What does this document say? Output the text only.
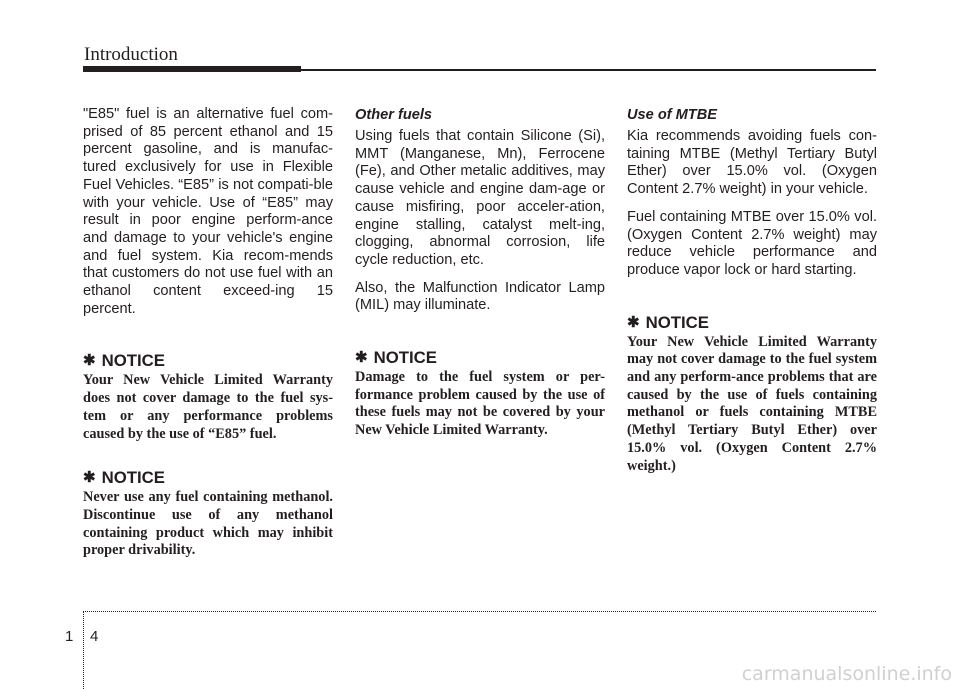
Introduction

"E85" fuel is an alternative fuel com-prised of 85 percent ethanol and 15 percent gasoline, and is manufac-tured exclusively for use in Flexible Fuel Vehicles. “E85” is not compati-ble with your vehicle. Use of “E85” may result in poor engine perform-ance and damage to your vehicle's engine and fuel system. Kia recom-mends that customers do not use fuel with an ethanol content exceed-ing 15 percent.

✱ NOTICE

Your New Vehicle Limited Warranty does not cover damage to the fuel sys-tem or any performance problems caused by the use of “E85” fuel.

✱ NOTICE

Never use any fuel containing methanol. Discontinue use of any methanol containing product which may inhibit proper drivability.

Other fuels

Using fuels that contain Silicone (Si), MMT (Manganese, Mn), Ferrocene (Fe), and Other metalic additives, may cause vehicle and engine dam-age or cause misfiring, poor acceler-ation, engine stalling, catalyst melt-ing, clogging, abnormal corrosion, life cycle reduction, etc.

Also, the Malfunction Indicator Lamp (MIL) may illuminate.

✱ NOTICE

Damage to the fuel system or per-formance problem caused by the use of these fuels may not be covered by your New Vehicle Limited Warranty.

Use of MTBE

Kia recommends avoiding fuels con-taining MTBE (Methyl Tertiary Butyl Ether) over 15.0% vol. (Oxygen Content 2.7% weight) in your vehicle.

Fuel containing MTBE over 15.0% vol. (Oxygen Content 2.7% weight) may reduce vehicle performance and produce vapor lock or hard starting.

✱ NOTICE

Your New Vehicle Limited Warranty may not cover damage to the fuel system and any perform-ance problems that are caused by the use of fuels containing methanol or fuels containing MTBE (Methyl Tertiary Butyl Ether) over 15.0% vol. (Oxygen Content 2.7% weight.)

1 4
carmanualsonline.info
